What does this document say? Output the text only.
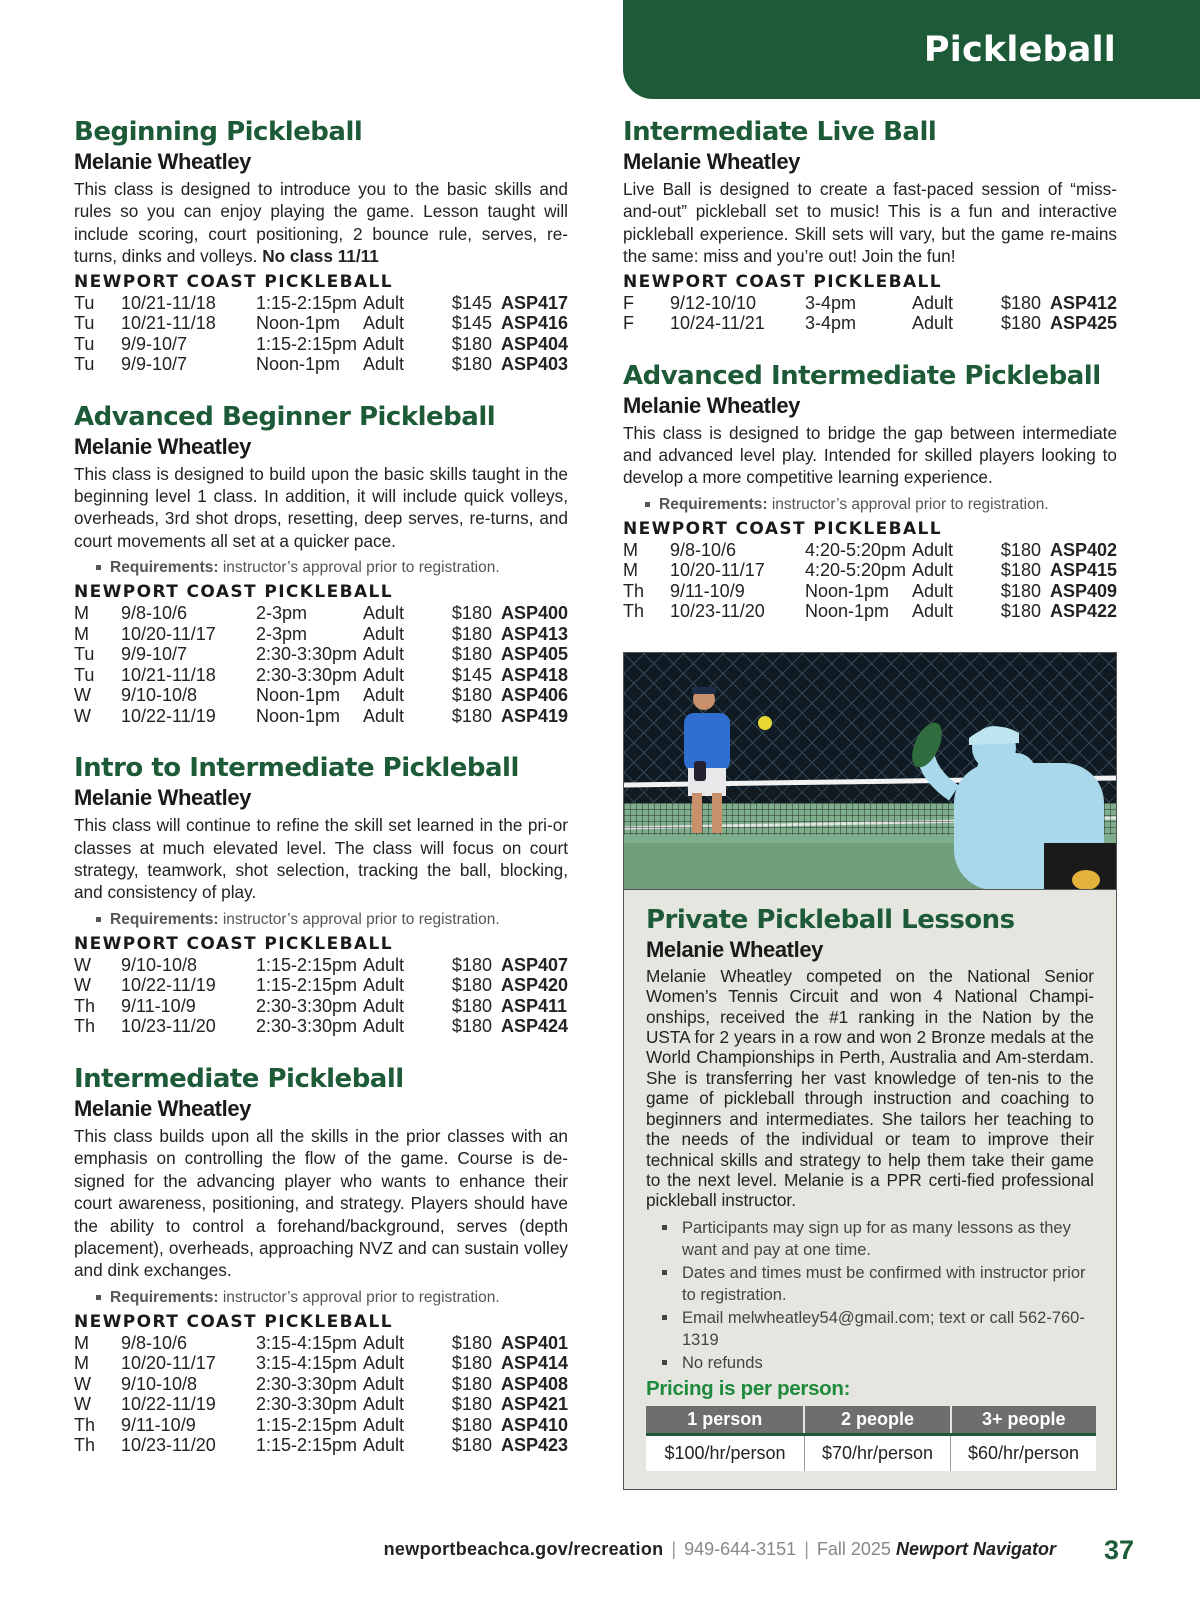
Pickleball
Beginning Pickleball
Melanie Wheatley
This class is designed to introduce you to the basic skills and rules so you can enjoy playing the game. Lesson taught will include scoring, court positioning, 2 bounce rule, serves, re-turns, dinks and volleys. No class 11/11
NEWPORT COAST PICKLEBALL
Tu	10/21-11/18	1:15-2:15pm	Adult	$145	ASP417
Tu	10/21-11/18	Noon-1pm	Adult	$145	ASP416
Tu	9/9-10/7	1:15-2:15pm	Adult	$180	ASP404
Tu	9/9-10/7	Noon-1pm	Adult	$180	ASP403
Advanced Beginner Pickleball
Melanie Wheatley
This class is designed to build upon the basic skills taught in the beginning level 1 class. In addition, it will include quick volleys, overheads, 3rd shot drops, resetting, deep serves, re-turns, and court movements all set at a quicker pace.
Requirements: instructor’s approval prior to registration.
NEWPORT COAST PICKLEBALL
M	9/8-10/6	2-3pm	Adult	$180	ASP400
M	10/20-11/17	2-3pm	Adult	$180	ASP413
Tu	9/9-10/7	2:30-3:30pm	Adult	$180	ASP405
Tu	10/21-11/18	2:30-3:30pm	Adult	$145	ASP418
W	9/10-10/8	Noon-1pm	Adult	$180	ASP406
W	10/22-11/19	Noon-1pm	Adult	$180	ASP419
Intro to Intermediate Pickleball
Melanie Wheatley
This class will continue to refine the skill set learned in the pri-or classes at much elevated level. The class will focus on court strategy, teamwork, shot selection, tracking the ball, blocking, and consistency of play.
Requirements: instructor’s approval prior to registration.
NEWPORT COAST PICKLEBALL
W	9/10-10/8	1:15-2:15pm	Adult	$180	ASP407
W	10/22-11/19	1:15-2:15pm	Adult	$180	ASP420
Th	9/11-10/9	2:30-3:30pm	Adult	$180	ASP411
Th	10/23-11/20	2:30-3:30pm	Adult	$180	ASP424
Intermediate Pickleball
Melanie Wheatley
This class builds upon all the skills in the prior classes with an emphasis on controlling the flow of the game. Course is de-signed for the advancing player who wants to enhance their court awareness, positioning, and strategy. Players should have the ability to control a forehand/background, serves (depth placement), overheads, approaching NVZ and can sustain volley and dink exchanges.
Requirements: instructor’s approval prior to registration.
NEWPORT COAST PICKLEBALL
M	9/8-10/6	3:15-4:15pm	Adult	$180	ASP401
M	10/20-11/17	3:15-4:15pm	Adult	$180	ASP414
W	9/10-10/8	2:30-3:30pm	Adult	$180	ASP408
W	10/22-11/19	2:30-3:30pm	Adult	$180	ASP421
Th	9/11-10/9	1:15-2:15pm	Adult	$180	ASP410
Th	10/23-11/20	1:15-2:15pm	Adult	$180	ASP423
Intermediate Live Ball
Melanie Wheatley
Live Ball is designed to create a fast-paced session of “miss-and-out” pickleball set to music! This is a fun and interactive pickleball experience. Skill sets will vary, but the game re-mains the same: miss and you’re out! Join the fun!
NEWPORT COAST PICKLEBALL
F	9/12-10/10	3-4pm	Adult	$180	ASP412
F	10/24-11/21	3-4pm	Adult	$180	ASP425
Advanced Intermediate Pickleball
Melanie Wheatley
This class is designed to bridge the gap between intermediate and advanced level play. Intended for skilled players looking to develop a more competitive learning experience.
Requirements: instructor’s approval prior to registration.
NEWPORT COAST PICKLEBALL
M	9/8-10/6	4:20-5:20pm	Adult	$180	ASP402
M	10/20-11/17	4:20-5:20pm	Adult	$180	ASP415
Th	9/11-10/9	Noon-1pm	Adult	$180	ASP409
Th	10/23-11/20	Noon-1pm	Adult	$180	ASP422
Private Pickleball Lessons
Melanie Wheatley
Melanie Wheatley competed on the National Senior Women’s Tennis Circuit and won 4 National Champi-onships, received the #1 ranking in the Nation by the USTA for 2 years in a row and won 2 Bronze medals at the World Championships in Perth, Australia and Am-sterdam. She is transferring her vast knowledge of ten-nis to the game of pickleball through instruction and coaching to beginners and intermediates. She tailors her teaching to the needs of the individual or team to improve their technical skills and strategy to help them take their game to the next level. Melanie is a PPR certi-fied professional pickleball instructor.
Participants may sign up for as many lessons as they want and pay at one time.
Dates and times must be confirmed with instructor prior to registration.
Email melwheatley54@gmail.com; text or call 562-760-1319
No refunds
Pricing is per person:
1 person	2 people	3+ people
$100/hr/person	$70/hr/person	$60/hr/person
newportbeachca.gov/recreation | 949-644-3151 | Fall 2025 Newport Navigator 37
